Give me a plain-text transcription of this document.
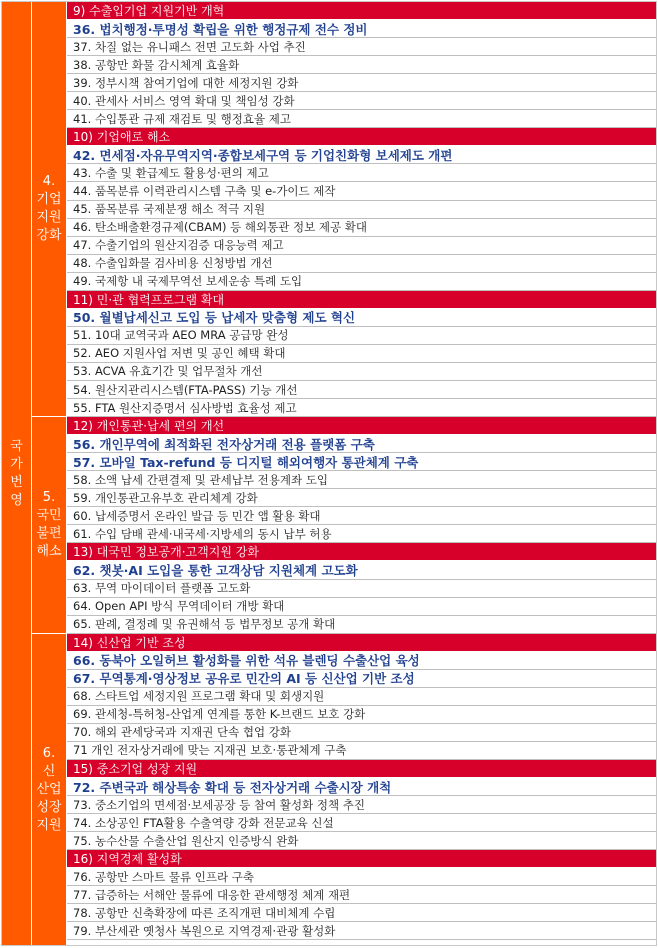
국가번영
4.
기업
지원
강화
5.
국민
불편
해소
6.
신
산업
성장
지원
9) 수출입기업 지원기반 개혁
36. 법치행정·투명성 확립을 위한 행정규제 전수 정비
37. 차질 없는 유니패스 전면 고도화 사업 추진
38. 공항만 화물 감시체계 효율화
39. 정부시책 참여기업에 대한 세정지원 강화
40. 관세사 서비스 영역 확대 및 책임성 강화
41. 수입통관 규제 재검토 및 행정효율 제고
10) 기업애로 해소
42. 면세점·자유무역지역·종합보세구역 등 기업친화형 보세제도 개편
43. 수출 및 환급제도 활용성·편의 제고
44. 품목분류 이력관리시스템 구축 및 e-가이드 제작
45. 품목분류 국제분쟁 해소 적극 지원
46. 탄소배출환경규제(CBAM) 등 해외통관 정보 제공 확대
47. 수출기업의 원산지검증 대응능력 제고
48. 수출입화물 검사비용 신청방법 개선
49. 국제항 내 국제무역선 보세운송 특례 도입
11) 민·관 협력프로그램 확대
50. 월별납세신고 도입 등 납세자 맞춤형 제도 혁신
51. 10대 교역국과 AEO MRA 공급망 완성
52. AEO 지원사업 저변 및 공인 혜택 확대
53. ACVA 유효기간 및 업무절차 개선
54. 원산지관리시스템(FTA-PASS) 기능 개선
55. FTA 원산지증명서 심사방법 효율성 제고
12) 개인통관·납세 편의 개선
56. 개인무역에 최적화된 전자상거래 전용 플랫폼 구축
57. 모바일 Tax-refund 등 디지털 해외여행자 통관체계 구축
58. 소액 납세 간편결제 및 관세납부 전용계좌 도입
59. 개인통관고유부호 관리체계 강화
60. 납세증명서 온라인 발급 등 민간 앱 활용 확대
61. 수입 담배 관세·내국세·지방세의 동시 납부 허용
13) 대국민 정보공개·고객지원 강화
62. 챗봇·AI 도입을 통한 고객상담 지원체계 고도화
63. 무역 마이데이터 플랫폼 고도화
64. Open API 방식 무역데이터 개방 확대
65. 판례, 결정례 및 유권해석 등 법무정보 공개 확대
14) 신산업 기반 조성
66. 동북아 오일허브 활성화를 위한 석유 블렌딩 수출산업 육성
67. 무역통계·영상정보 공유로 민간의 AI 등 신산업 기반 조성
68. 스타트업 세정지원 프로그램 확대 및 회생지원
69. 관세청-특허청-산업계 연계를 통한 K-브랜드 보호 강화
70. 해외 관세당국과 지재권 단속 협업 강화
71 개인 전자상거래에 맞는 지재권 보호·통관체계 구축
15) 중소기업 성장 지원
72. 주변국과 해상특송 확대 등 전자상거래 수출시장 개척
73. 중소기업의 면세점·보세공장 등 참여 활성화 정책 추진
74. 소상공인 FTA활용 수출역량 강화 전문교육 신설
75. 농수산물 수출산업 원산지 인증방식 완화
16) 지역경제 활성화
76. 공항만 스마트 물류 인프라 구축
77. 급증하는 서해안 물류에 대응한 관세행정 체계 재편
78. 공항만 신축확장에 따른 조직개편 대비체계 수립
79. 부산세관 옛청사 복원으로 지역경제·관광 활성화
